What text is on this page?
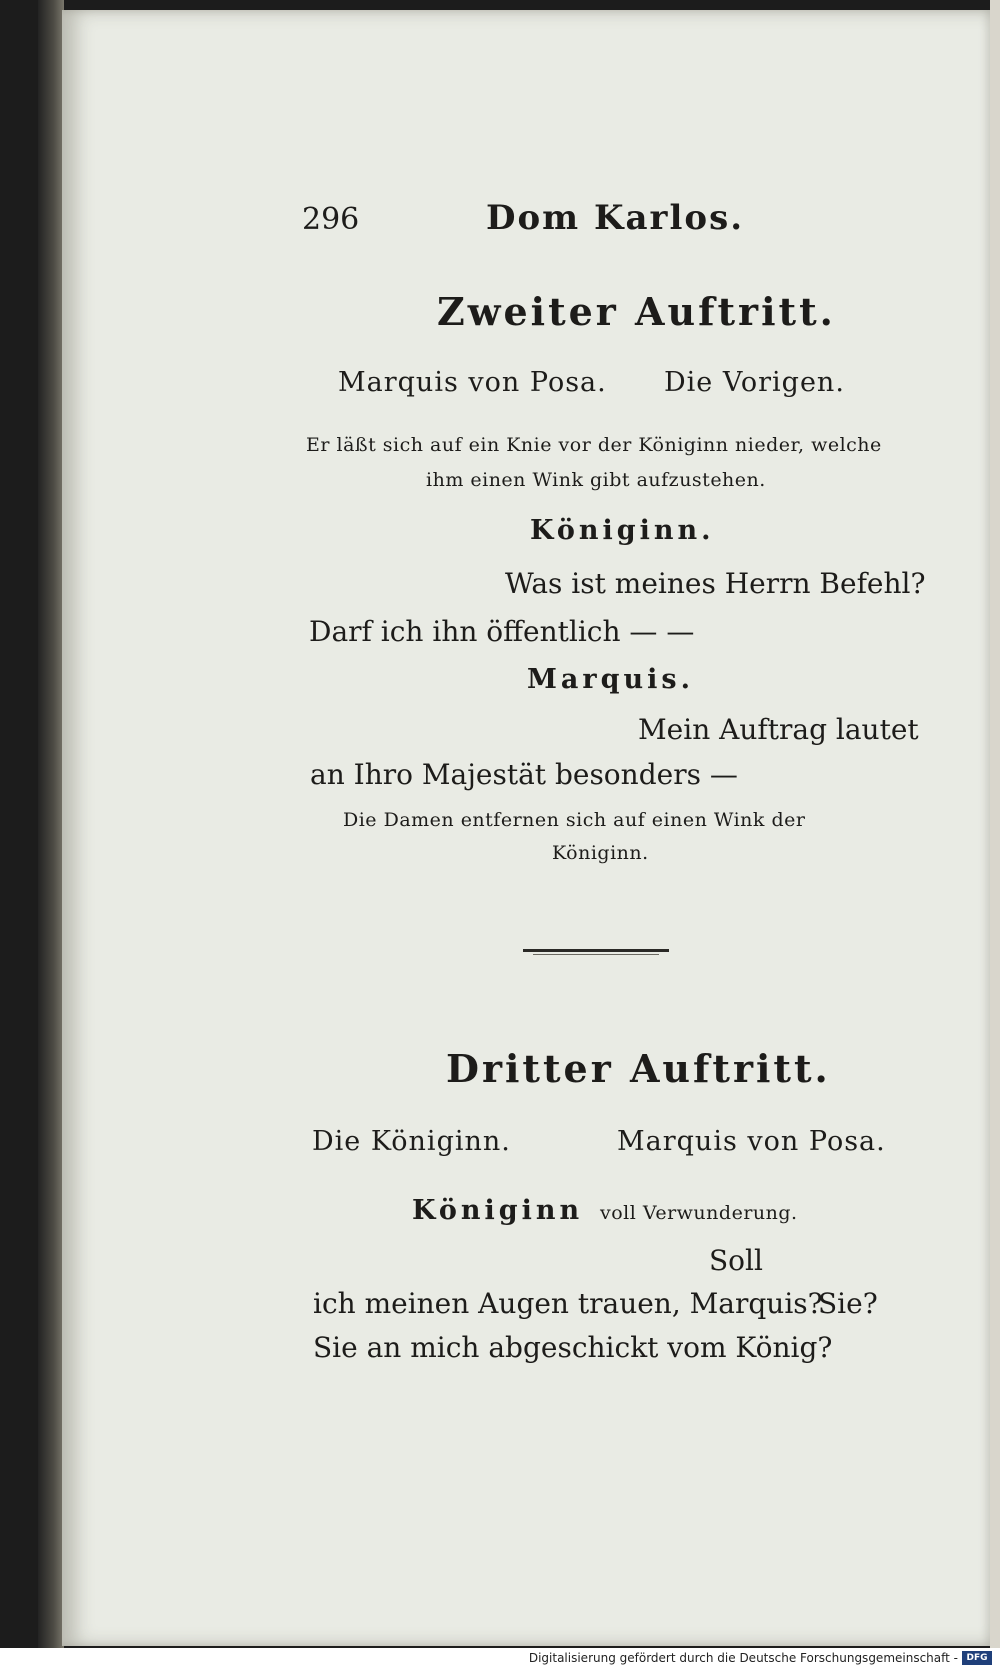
296	Dom Karlos.
Zweiter Auftritt.
Marquis von Posa. Die Vorigen.
Er läßt sich auf ein Knie vor der Königinn nieder, welche
ihm einen Wink gibt aufzustehen.
Königinn.
Was ist meines Herrn Befehl?
Darf ich ihn öffentlich — —
Marquis.
Mein Auftrag lautet
an Ihro Majestät besonders —
Die Damen entfernen sich auf einen Wink der
Königinn.
Dritter Auftritt.
Die Königinn.	Marquis von Posa.
Königinn voll Verwunderung.
Soll
ich meinen Augen trauen, Marquis?
Sie?
Sie an mich abgeschickt vom König?
Digitalisierung gefördert durch die Deutsche Forschungsgemeinschaft - DFG
